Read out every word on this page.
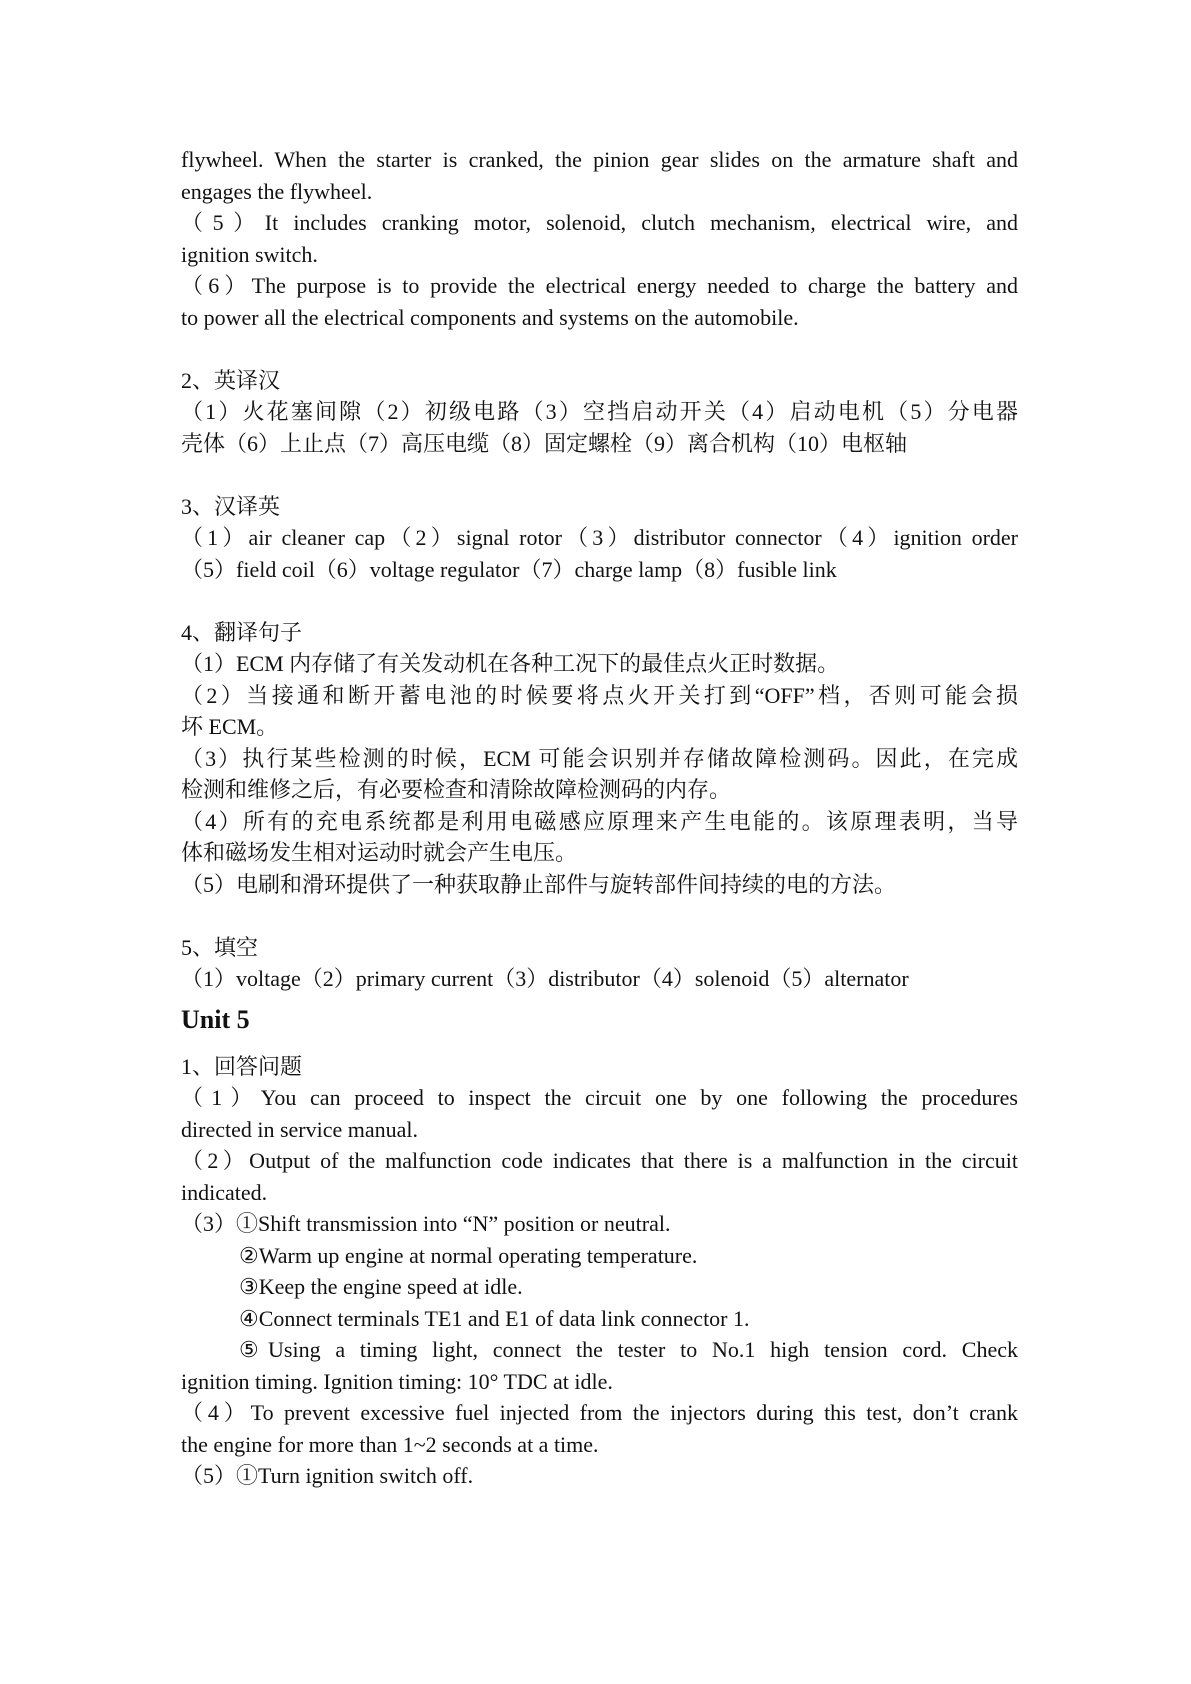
flywheel. When the starter is cranked, the pinion gear slides on the armature shaft and
engages the flywheel.
（5）It includes cranking motor, solenoid, clutch mechanism, electrical wire, and
ignition switch.
（6）The purpose is to provide the electrical energy needed to charge the battery and
to power all the electrical components and systems on the automobile.
2、英译汉
（1）火花塞间隙（2）初级电路（3）空挡启动开关（4）启动电机（5）分电器
壳体（6）上止点（7）高压电缆（8）固定螺栓（9）离合机构（10）电枢轴
3、汉译英
（1）air cleaner cap（2）signal rotor（3）distributor connector（4）ignition order
（5）field coil（6）voltage regulator（7）charge lamp（8）fusible link
4、翻译句子
（1）ECM 内存储了有关发动机在各种工况下的最佳点火正时数据。
（2）当接通和断开蓄电池的时候要将点火开关打到“OFF”档，否则可能会损
坏 ECM。
（3）执行某些检测的时候，ECM 可能会识别并存储故障检测码。因此，在完成
检测和维修之后，有必要检查和清除故障检测码的内存。
（4）所有的充电系统都是利用电磁感应原理来产生电能的。该原理表明，当导
体和磁场发生相对运动时就会产生电压。
（5）电刷和滑环提供了一种获取静止部件与旋转部件间持续的电的方法。
5、填空
（1）voltage（2）primary current（3）distributor（4）solenoid（5）alternator
Unit 5
1、回答问题
（1）You can proceed to inspect the circuit one by one following the procedures
directed in service manual.
（2）Output of the malfunction code indicates that there is a malfunction in the circuit
indicated.
（3）①Shift transmission into “N” position or neutral.
②Warm up engine at normal operating temperature.
③Keep the engine speed at idle.
④Connect terminals TE1 and E1 of data link connector 1.
⑤Using a timing light, connect the tester to No.1 high tension cord. Check
ignition timing. Ignition timing: 10° TDC at idle.
（4）To prevent excessive fuel injected from the injectors during this test, don’t crank
the engine for more than 1~2 seconds at a time.
（5）①Turn ignition switch off.
